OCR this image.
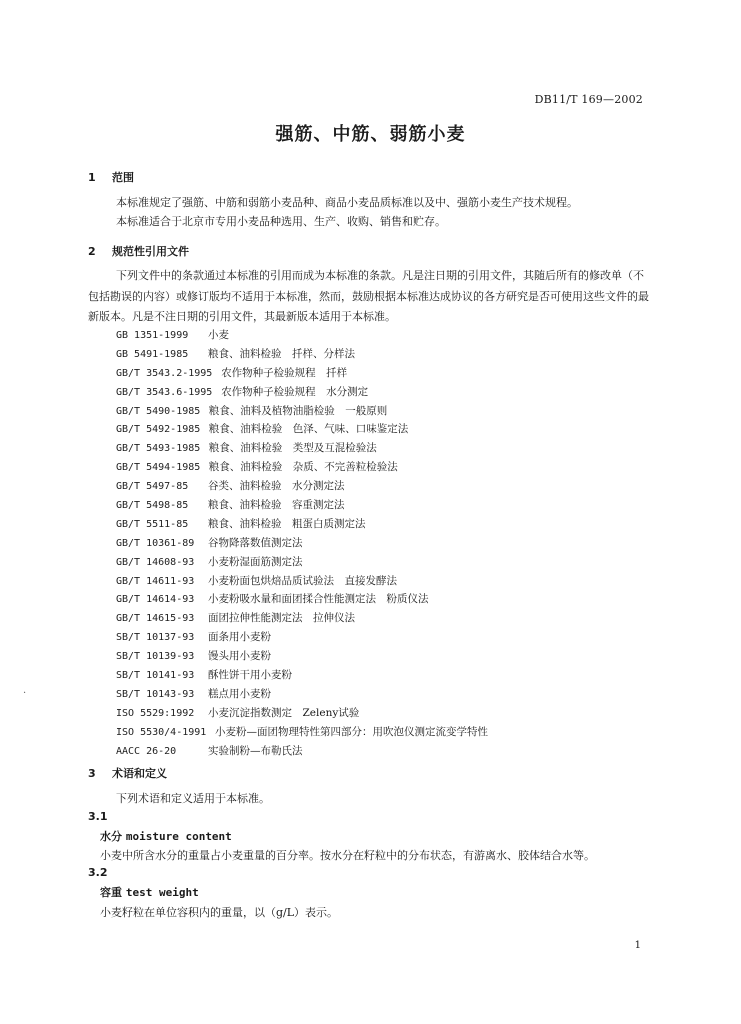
DB11/T 169—2002
强筋、中筋、弱筋小麦
1 范围
本标准规定了强筋、中筋和弱筋小麦品种、商品小麦品质标准以及中、强筋小麦生产技术规程。
本标准适合于北京市专用小麦品种选用、生产、收购、销售和贮存。
2 规范性引用文件
下列文件中的条款通过本标准的引用而成为本标准的条款。凡是注日期的引用文件，其随后所有的修改单（不包括勘误的内容）或修订版均不适用于本标准，然而，鼓励根据本标准达成协议的各方研究是否可使用这些文件的最新版本。凡是不注日期的引用文件，其最新版本适用于本标准。
GB 1351-1999 小麦
GB 5491-1985 粮食、油料检验　扦样、分样法
GB/T 3543.2-1995 农作物种子检验规程　扦样
GB/T 3543.6-1995 农作物种子检验规程　水分测定
GB/T 5490-1985 粮食、油料及植物油脂检验　一般原则
GB/T 5492-1985 粮食、油料检验　色泽、气味、口味鉴定法
GB/T 5493-1985 粮食、油料检验　类型及互混检验法
GB/T 5494-1985 粮食、油料检验　杂质、不完善粒检验法
GB/T 5497-85 谷类、油料检验　水分测定法
GB/T 5498-85 粮食、油料检验　容重测定法
GB/T 5511-85 粮食、油料检验　粗蛋白质测定法
GB/T 10361-89 谷物降落数值测定法
GB/T 14608-93 小麦粉湿面筋测定法
GB/T 14611-93 小麦粉面包烘焙品质试验法　直接发酵法
GB/T 14614-93 小麦粉吸水量和面团揉合性能测定法　粉质仪法
GB/T 14615-93 面团拉伸性能测定法　拉伸仪法
SB/T 10137-93 面条用小麦粉
SB/T 10139-93 馒头用小麦粉
SB/T 10141-93 酥性饼干用小麦粉
SB/T 10143-93 糕点用小麦粉
ISO 5529:1992 小麦沉淀指数测定　Zeleny试验
ISO 5530/4-1991 小麦粉—面团物理特性第四部分：用吹泡仪测定流变学特性
AACC 26-20	实验制粉—布勒氏法
·
3 术语和定义
下列术语和定义适用于本标准。
3.1
水分 moisture content
小麦中所含水分的重量占小麦重量的百分率。按水分在籽粒中的分布状态，有游离水、胶体结合水等。
3.2
容重 test weight
小麦籽粒在单位容积内的重量，以（g/L）表示。
1
